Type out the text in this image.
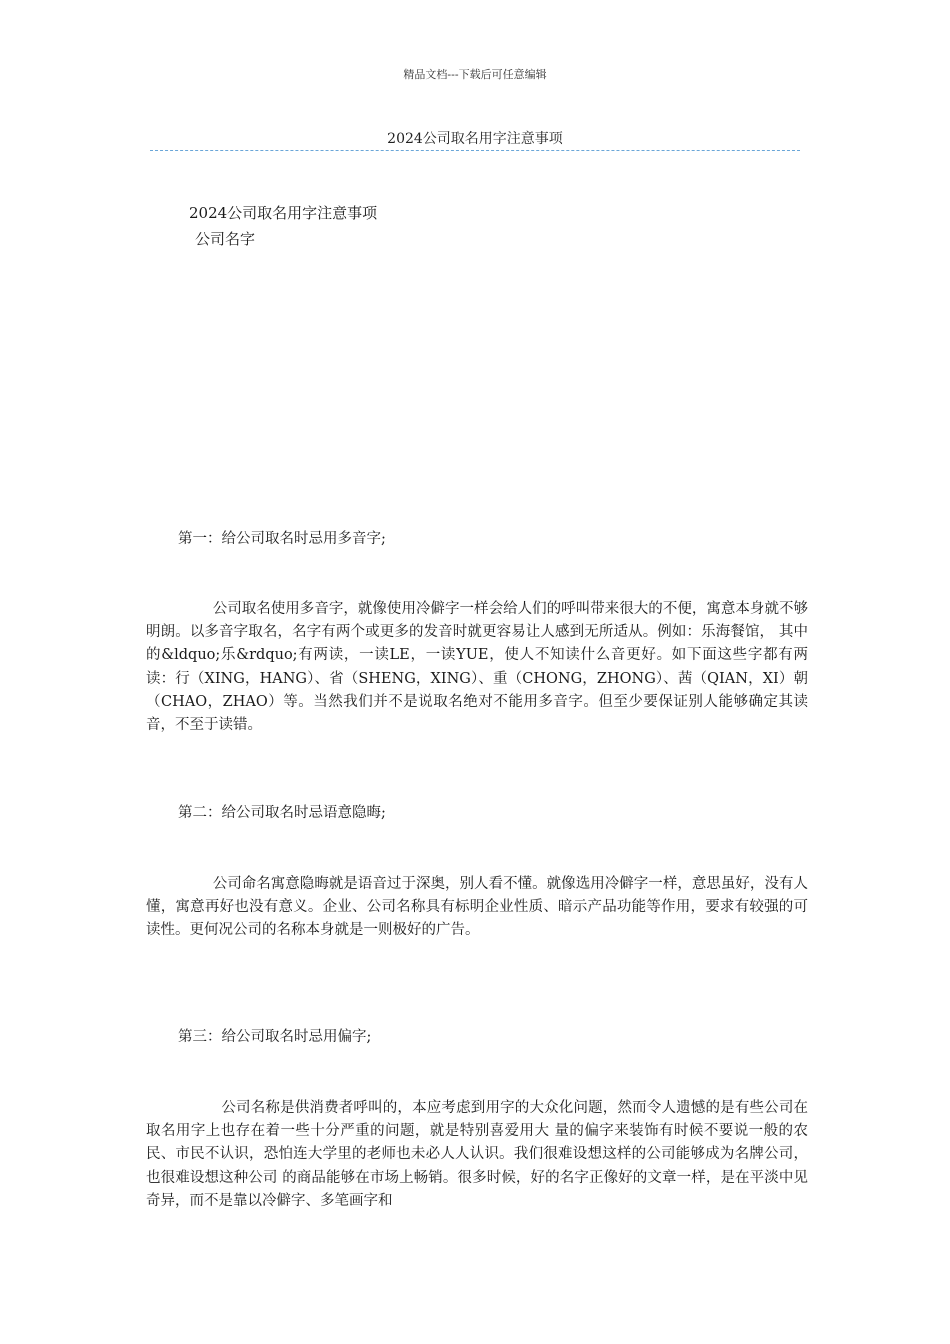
精品文档---下载后可任意编辑
2024公司取名用字注意事项
2024公司取名用字注意事项
公司名字
第一：给公司取名时忌用多音字;

公司取名使用多音字，就像使用冷僻字一样会给人们的呼叫带来很大的不便，寓意本身就不够明朗。以多音字取名，名字有两个或更多的发音时就更容易让人感到无所适从。例如：乐海餐馆， 其中的&ldquo;乐&rdquo;有两读，一读LE，一读YUE，使人不知读什么音更好。如下面这些字都有两读：行（XING，HANG）、省（SHENG，XING）、重（CHONG，ZHONG）、茜（QIAN，XI）朝（CHAO，ZHAO）等。当然我们并不是说取名绝对不能用多音字。但至少要保证别人能够确定其读 音，不至于读错。

第二：给公司取名时忌语意隐晦;

公司命名寓意隐晦就是语音过于深奥，别人看不懂。就像选用冷僻字一样，意思虽好，没有人懂，寓意再好也没有意义。企业、公司名称具有标明企业性质、暗示产品功能等作用，要求有较强的可读性。更何况公司的名称本身就是一则极好的广告。

第三：给公司取名时忌用偏字;

公司名称是供消费者呼叫的，本应考虑到用字的大众化问题，然而令人遗憾的是有些公司在取名用字上也存在着一些十分严重的问题，就是特别喜爱用大 量的偏字来装饰有时候不要说一般的农民、市民不认识，恐怕连大学里的老师也未必人人认识。我们很难设想这样的公司能够成为名牌公司，也很难设想这种公司 的商品能够在市场上畅销。很多时候，好的名字正像好的文章一样，是在平淡中见奇异，而不是靠以冷僻字、多笔画字和
